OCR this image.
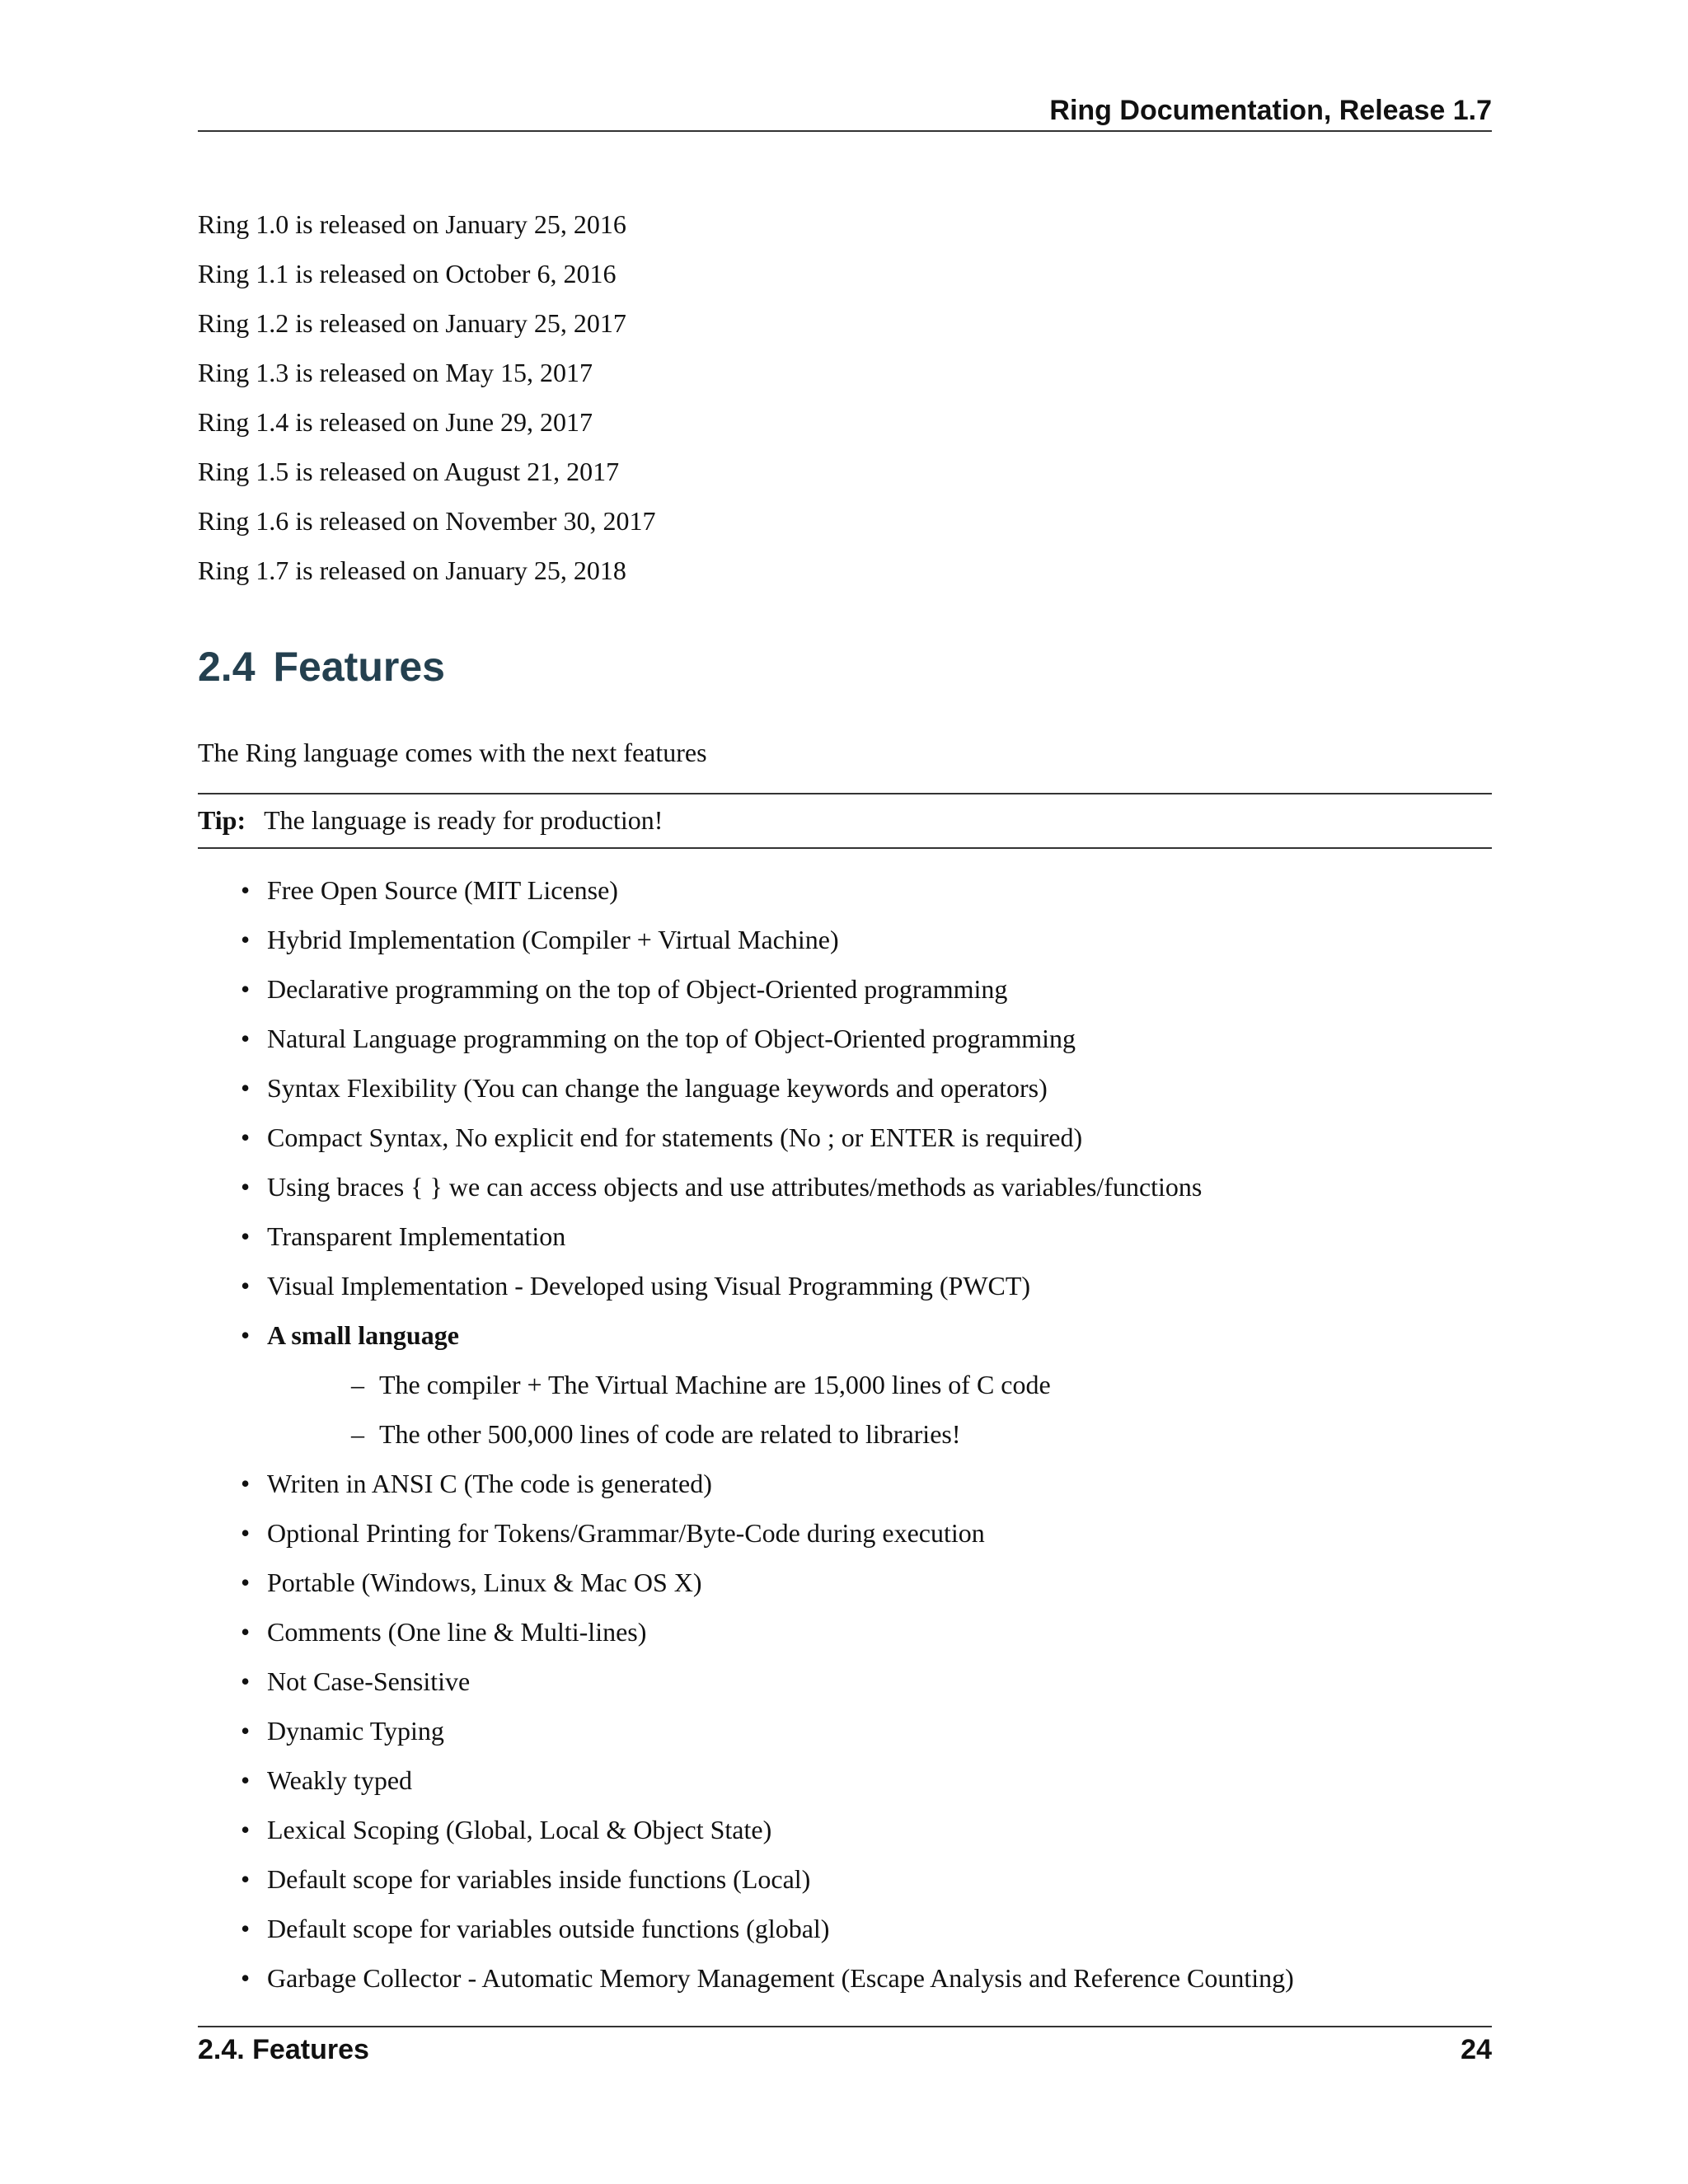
Ring Documentation, Release 1.7
Ring 1.0 is released on January 25, 2016
Ring 1.1 is released on October 6, 2016
Ring 1.2 is released on January 25, 2017
Ring 1.3 is released on May 15, 2017
Ring 1.4 is released on June 29, 2017
Ring 1.5 is released on August 21, 2017
Ring 1.6 is released on November 30, 2017
Ring 1.7 is released on January 25, 2018
2.4 Features
The Ring language comes with the next features
Tip: The language is ready for production!
• Free Open Source (MIT License)
• Hybrid Implementation (Compiler + Virtual Machine)
• Declarative programming on the top of Object-Oriented programming
• Natural Language programming on the top of Object-Oriented programming
• Syntax Flexibility (You can change the language keywords and operators)
• Compact Syntax, No explicit end for statements (No ; or ENTER is required)
• Using braces { } we can access objects and use attributes/methods as variables/functions
• Transparent Implementation
• Visual Implementation - Developed using Visual Programming (PWCT)
• A small language
– The compiler + The Virtual Machine are 15,000 lines of C code
– The other 500,000 lines of code are related to libraries!
• Writen in ANSI C (The code is generated)
• Optional Printing for Tokens/Grammar/Byte-Code during execution
• Portable (Windows, Linux & Mac OS X)
• Comments (One line & Multi-lines)
• Not Case-Sensitive
• Dynamic Typing
• Weakly typed
• Lexical Scoping (Global, Local & Object State)
• Default scope for variables inside functions (Local)
• Default scope for variables outside functions (global)
• Garbage Collector - Automatic Memory Management (Escape Analysis and Reference Counting)
2.4. Features	24
